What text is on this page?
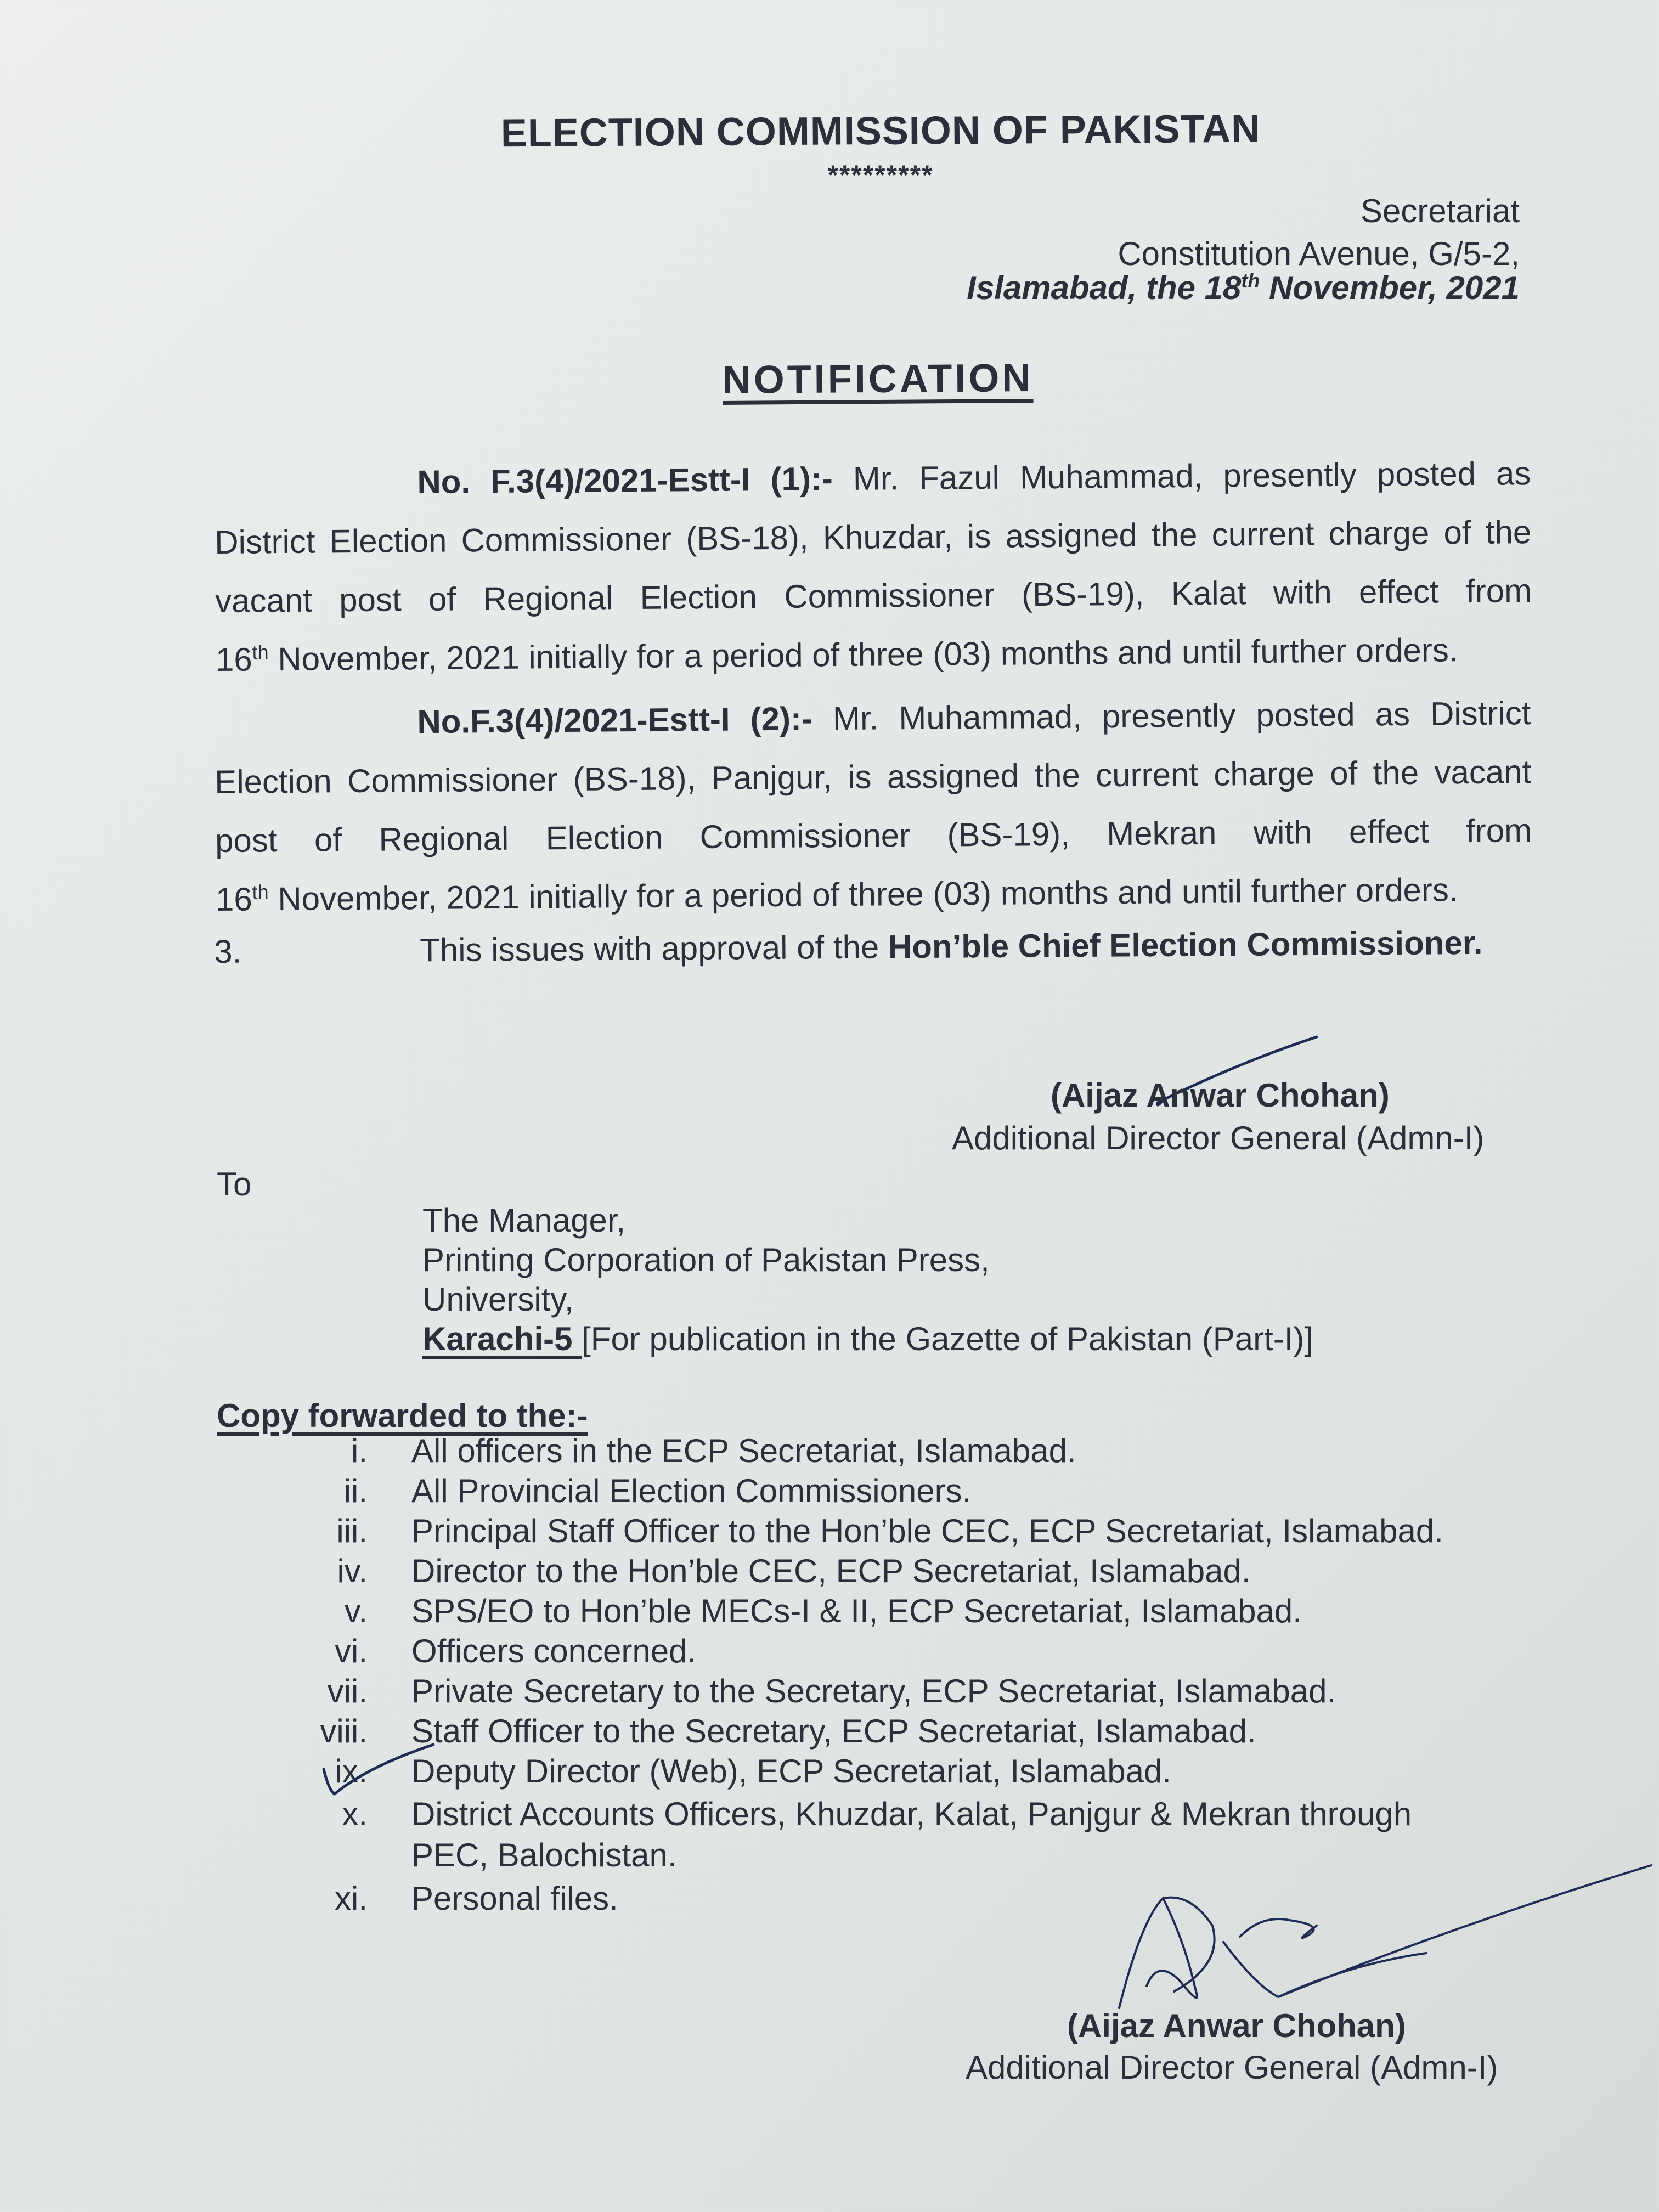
ELECTION COMMISSION OF PAKISTAN
*********
Secretariat
Constitution Avenue, G/5-2,
Islamabad, the 18th November, 2021
NOTIFICATION
No. F.3(4)/2021-Estt-I (1):- Mr. Fazul Muhammad, presently posted as District Election Commissioner (BS-18), Khuzdar, is assigned the current charge of the vacant post of Regional Election Commissioner (BS-19), Kalat with effect from
16th November, 2021 initially for a period of three (03) months and until further orders.
No.F.3(4)/2021-Estt-I (2):- Mr. Muhammad, presently posted as District Election Commissioner (BS-18), Panjgur, is assigned the current charge of the vacant post of Regional Election Commissioner (BS-19), Mekran with effect from
16th November, 2021 initially for a period of three (03) months and until further orders.
3.	This issues with approval of the Hon’ble Chief Election Commissioner.
(Aijaz Anwar Chohan)
Additional Director General (Admn-I)
To
The Manager,
Printing Corporation of Pakistan Press,
University,
Karachi-5 [For publication in the Gazette of Pakistan (Part-I)]
Copy forwarded to the:-
i. All officers in the ECP Secretariat, Islamabad.
ii. All Provincial Election Commissioners.
iii. Principal Staff Officer to the Hon’ble CEC, ECP Secretariat, Islamabad.
iv. Director to the Hon’ble CEC, ECP Secretariat, Islamabad.
v. SPS/EO to Hon’ble MECs-I & II, ECP Secretariat, Islamabad.
vi. Officers concerned.
vii. Private Secretary to the Secretary, ECP Secretariat, Islamabad.
viii. Staff Officer to the Secretary, ECP Secretariat, Islamabad.
ix. Deputy Director (Web), ECP Secretariat, Islamabad.
x. District Accounts Officers, Khuzdar, Kalat, Panjgur & Mekran through
PEC, Balochistan.
xi. Personal files.
(Aijaz Anwar Chohan)
Additional Director General (Admn-I)
